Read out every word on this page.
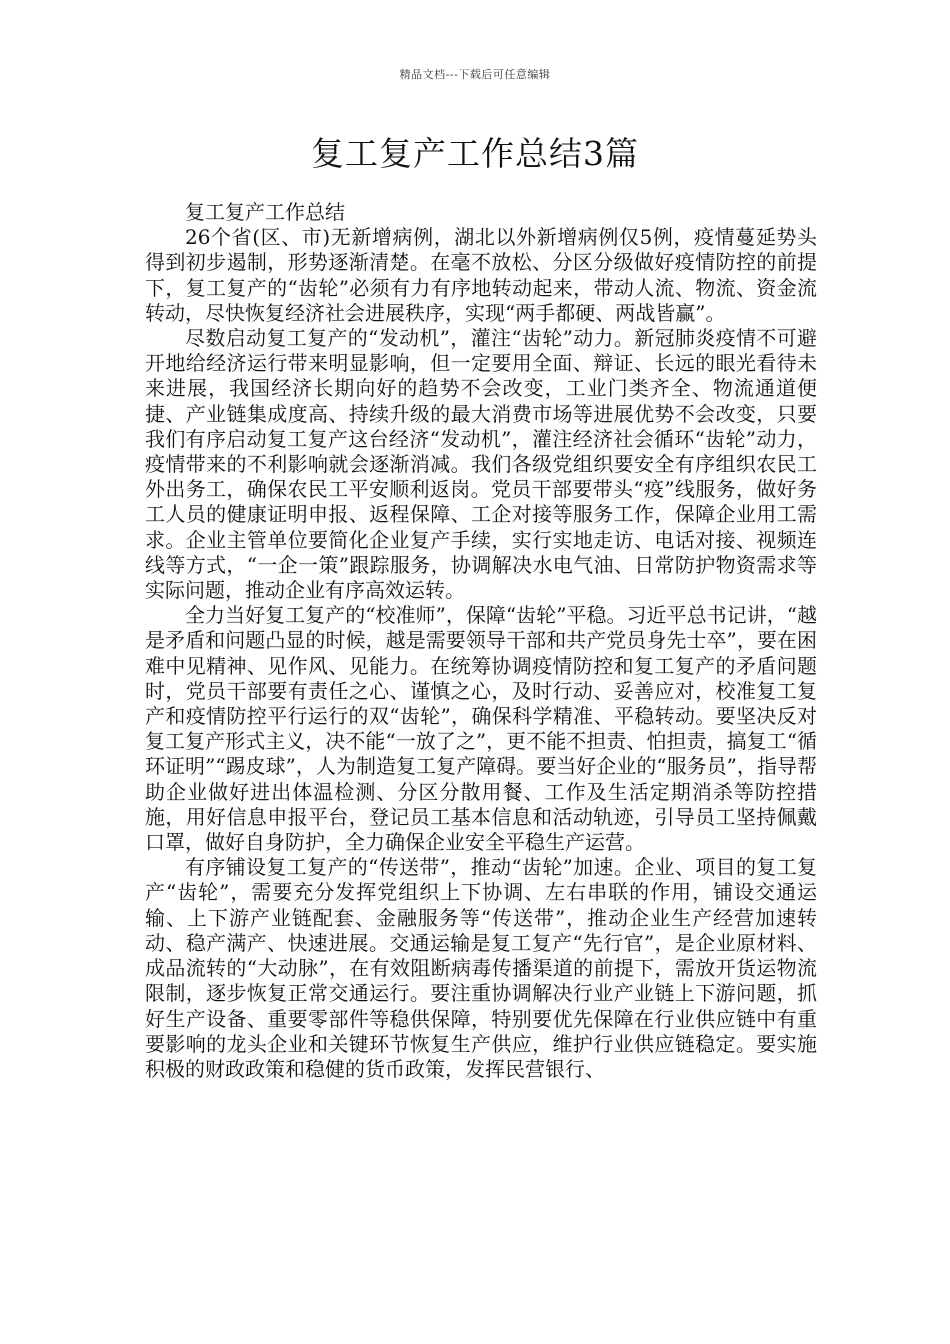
精品文档---下载后可任意编辑
复工复产工作总结3篇

复工复产工作总结

26个省(区、市)无新增病例，湖北以外新增病例仅5例，疫情蔓延势头得到初步遏制，形势逐渐清楚。在毫不放松、分区分级做好疫情防控的前提下，复工复产的“齿轮”必须有力有序地转动起来，带动人流、物流、资金流转动，尽快恢复经济社会进展秩序，实现“两手都硬、两战皆赢”。

尽数启动复工复产的“发动机”，灌注“齿轮”动力。新冠肺炎疫情不可避开地给经济运行带来明显影响，但一定要用全面、辩证、长远的眼光看待未来进展，我国经济长期向好的趋势不会改变，工业门类齐全、物流通道便捷、产业链集成度高、持续升级的最大消费市场等进展优势不会改变，只要我们有序启动复工复产这台经济“发动机”，灌注经济社会循环“齿轮”动力，疫情带来的不利影响就会逐渐消减。我们各级党组织要安全有序组织农民工外出务工，确保农民工平安顺利返岗。党员干部要带头“疫”线服务，做好务工人员的健康证明申报、返程保障、工企对接等服务工作，保障企业用工需求。企业主管单位要简化企业复产手续，实行实地走访、电话对接、视频连线等方式，“一企一策”跟踪服务，协调解决水电气油、日常防护物资需求等实际问题，推动企业有序高效运转。

全力当好复工复产的“校准师”，保障“齿轮”平稳。习近平总书记讲，“越是矛盾和问题凸显的时候，越是需要领导干部和共产党员身先士卒”，要在困难中见精神、见作风、见能力。在统筹协调疫情防控和复工复产的矛盾问题时，党员干部要有责任之心、谨慎之心，及时行动、妥善应对，校准复工复产和疫情防控平行运行的双“齿轮”，确保科学精准、平稳转动。要坚决反对复工复产形式主义，决不能“一放了之”，更不能不担责、怕担责，搞复工“循环证明”“踢皮球”，人为制造复工复产障碍。要当好企业的“服务员”，指导帮助企业做好进出体温检测、分区分散用餐、工作及生活定期消杀等防控措施，用好信息申报平台，登记员工基本信息和活动轨迹，引导员工坚持佩戴口罩，做好自身防护，全力确保企业安全平稳生产运营。

有序铺设复工复产的“传送带”，推动“齿轮”加速。企业、项目的复工复产“齿轮”，需要充分发挥党组织上下协调、左右串联的作用，铺设交通运输、上下游产业链配套、金融服务等“传送带”，推动企业生产经营加速转动、稳产满产、快速进展。交通运输是复工复产“先行官”，是企业原材料、成品流转的“大动脉”，在有效阻断病毒传播渠道的前提下，需放开货运物流限制，逐步恢复正常交通运行。要注重协调解决行业产业链上下游问题，抓好生产设备、重要零部件等稳供保障，特别要优先保障在行业供应链中有重要影响的龙头企业和关键环节恢复生产供应，维护行业供应链稳定。要实施积极的财政政策和稳健的货币政策，发挥民营银行、
